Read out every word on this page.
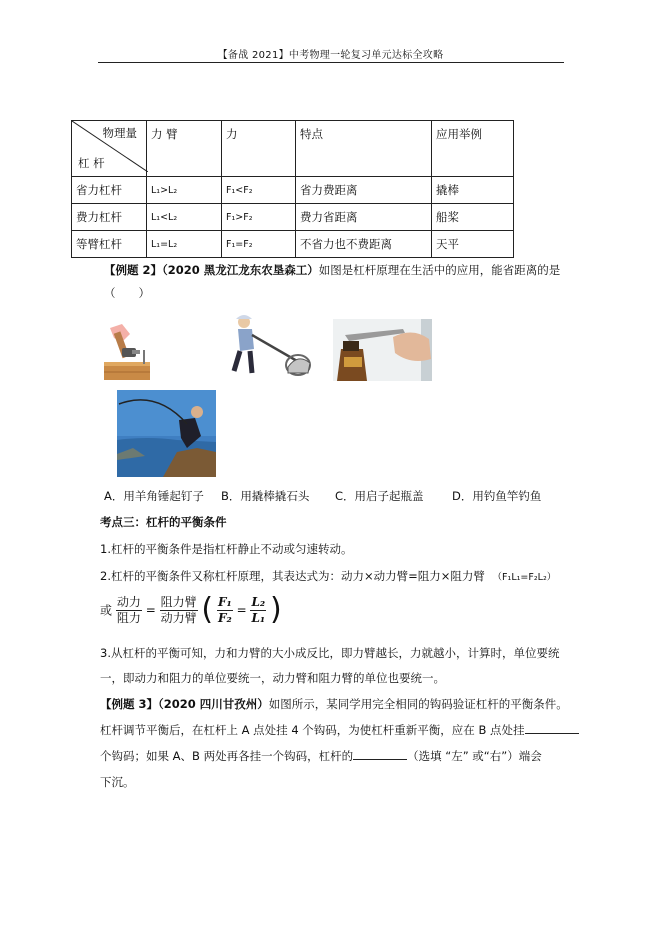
【备战 2021】中考物理一轮复习单元达标全攻略
物理量
杠 杆	力 臂	力	特点	应用举例
省力杠杆	L₁>L₂	F₁<F₂	省力费距离	撬棒
费力杠杆	L₁<L₂	F₁>F₂	费力省距离	船桨
等臂杠杆	L₁=L₂	F₁=F₂	不省力也不费距离	天平
【例题 2】（2020 黑龙江龙东农垦森工）如图是杠杆原理在生活中的应用，能省距离的是
（　　）
A．用羊角锤起钉子 B．用撬棒撬石头 C．用启子起瓶盖 D．用钓鱼竿钓鱼
考点三：杠杆的平衡条件
1.杠杆的平衡条件是指杠杆静止不动或匀速转动。
2.杠杆的平衡条件又称杠杆原理，其表达式为：动力×动力臂=阻力×阻力臂 （F₁L₁=F₂L₂）
或
动力
阻力
=
阻力臂
动力臂 ( $\frac{\text{F₁}}{\text{F₂}} = \frac{\text{L₂}}{\text{L₁}}$ )
3.从杠杆的平衡可知，力和力臂的大小成反比，即力臂越长，力就越小，计算时，单位要统
一，即动力和阻力的单位要统一，动力臂和阻力臂的单位也要统一。
【例题 3】（2020 四川甘孜州）如图所示，某同学用完全相同的钩码验证杠杆的平衡条件。
杠杆调节平衡后，在杠杆上 A 点处挂 4 个钩码，为使杠杆重新平衡，应在 B 点处挂
个钩码；如果 A、B 两处再各挂一个钩码，杠杆的	（选填 “左” 或“右”）端会
下沉。
